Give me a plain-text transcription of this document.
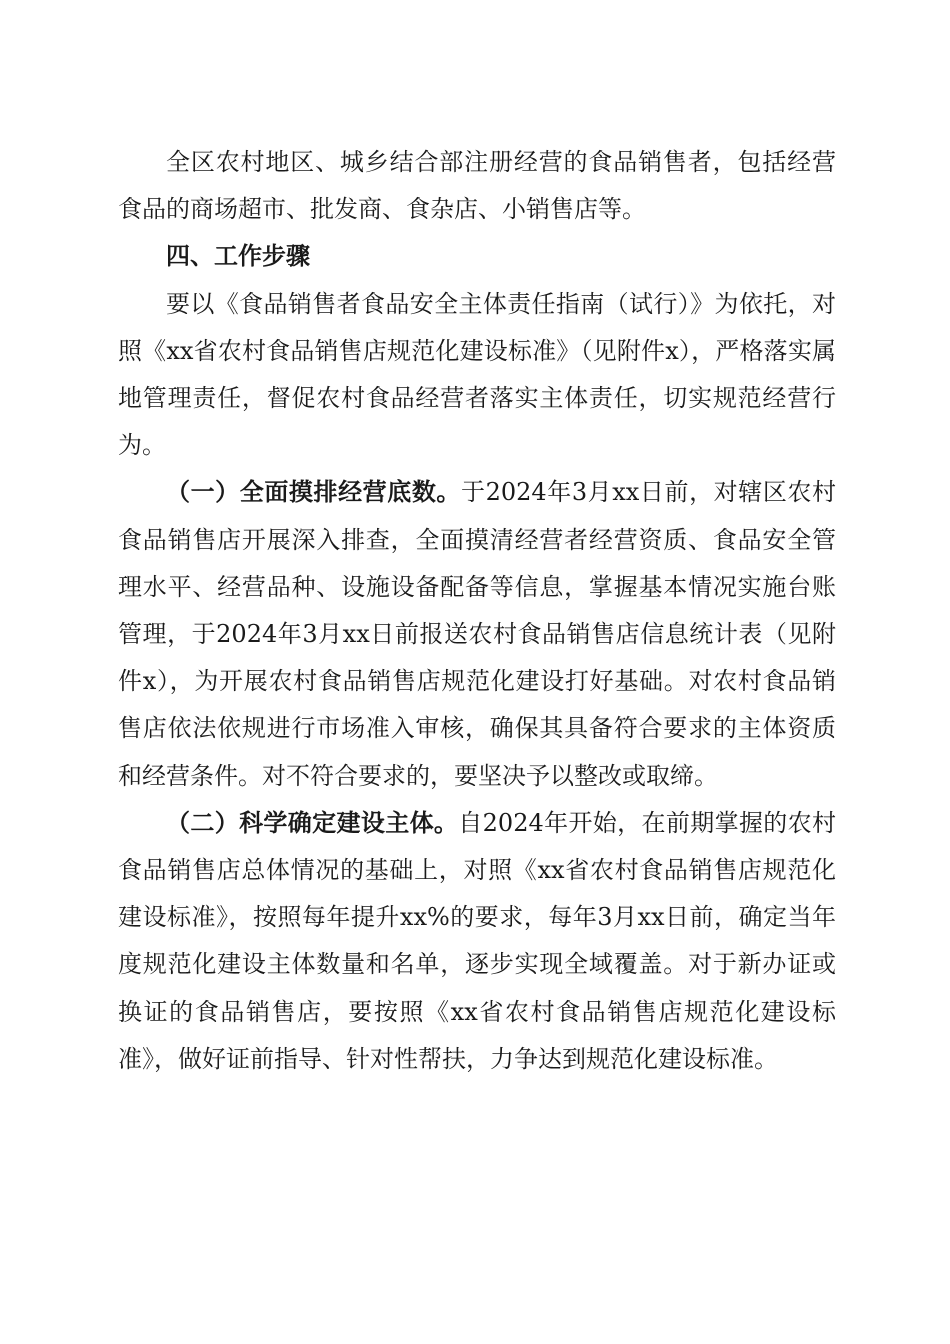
全区农村地区、城乡结合部注册经营的食品销售者，包括经营食品的商场超市、批发商、食杂店、小销售店等。

四、工作步骤

要以《食品销售者食品安全主体责任指南（试行）》为依托，对照《xx省农村食品销售店规范化建设标准》（见附件x），严格落实属地管理责任，督促农村食品经营者落实主体责任，切实规范经营行为。

（一）全面摸排经营底数。于2024年3月xx日前，对辖区农村食品销售店开展深入排查，全面摸清经营者经营资质、食品安全管理水平、经营品种、设施设备配备等信息，掌握基本情况实施台账管理，于2024年3月xx日前报送农村食品销售店信息统计表（见附件x），为开展农村食品销售店规范化建设打好基础。对农村食品销售店依法依规进行市场准入审核，确保其具备符合要求的主体资质和经营条件。对不符合要求的，要坚决予以整改或取缔。

（二）科学确定建设主体。自2024年开始，在前期掌握的农村食品销售店总体情况的基础上，对照《xx省农村食品销售店规范化建设标准》，按照每年提升xx%的要求，每年3月xx日前，确定当年度规范化建设主体数量和名单，逐步实现全域覆盖。对于新办证或换证的食品销售店，要按照《xx省农村食品销售店规范化建设标准》，做好证前指导、针对性帮扶，力争达到规范化建设标准。
